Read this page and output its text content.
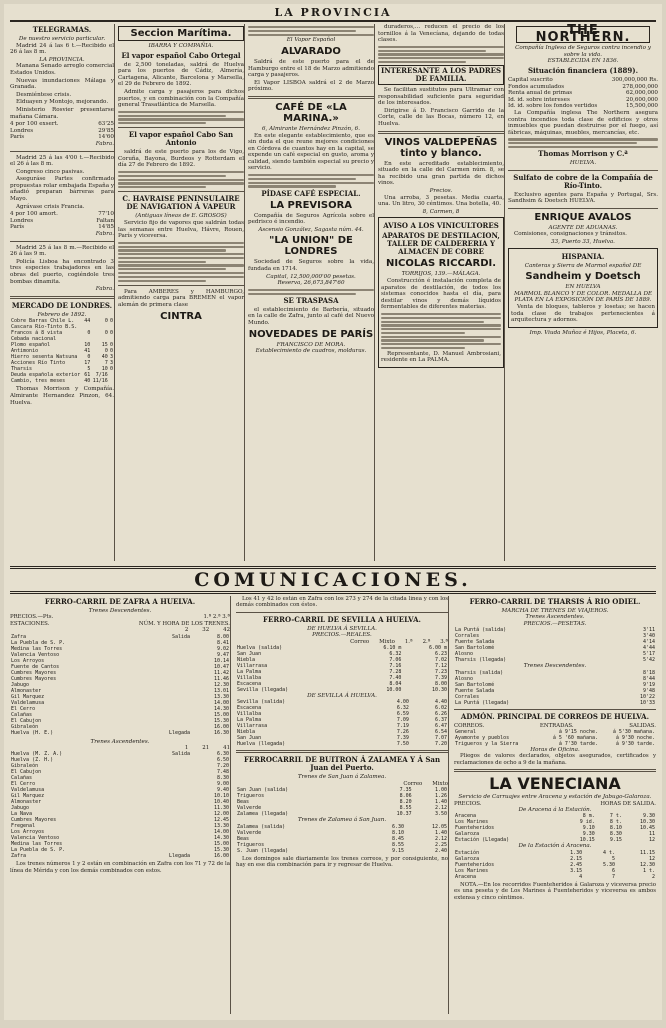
LA PROVINCIA
TELEGRAMAS.
De nuestro servicio particular.
Madrid 24 á las 6 t.—Recibido el 26 á las 8 m.
LA PROVINCIA.
Manana Senado arreglo comercial Estados Unidos.
Nuevas inundaciones Málaga y Granada.
Desmiéntese crisis.
Elduayen y Montojo, mejorando.
Ministerio Rosvier presentarse mañana Cámara.
4 por 100 exsert.	63'25
Londres	29'85
París	14'60
Fabra.
Madrid 25 á las 4'00 t.—Recibido el 26 á las 8 m.
Congreso cinco pasivas.
Aseguráse Partes confirmado propuestas rolar embajada España y añadió preparan bárreras para Mayo.
Agrávase crisis Francia.
4 por 100 amort.	77'10
Londres	Faltan
París	14'85
Fabra.
Madrid 25 á las 8 m.—Recibido el 26 á las 9 m.
Policía Lisboa ha encontrado 3 tres especies trabajadores en las obras del puerto, cogiéndole tres bombas dinamita.
Fabra.
MERCADO DE LONDRES.
Febrero de 1892.
Cobre Barras Chile L.	44	0	0
Cascara Río-Tinto B.S.			
Francos á 8 vista	0	0	0
Cebada nacional			
Plomo español	10	15	0
Antimonio	41	0	0
Hierro sesenta Watsuna	0	40	3
Acciones Río Tinto	17	7	3
Tharsis	5	10	0
Deuda española exterior	61	7/16	
Cambio, tres meses	40	11/16	
Thomas Morrison y Compañía. Almirante Hernandez Pinzon, 64. Huelva.
Seccion Marítima.
IBARRA Y COMPAÑIA.
El vapor español Cabo Ortegal
de 2,500 toneladas, saldrá de Huelva para los puertos de Cádiz, Almería, Cartagena, Alicante, Barcelona y Marsella, el 29 de Febrero de 1892.
Admite carga y pasajeros para dichos puertos, y en combinación con la Compañía general Trasatlántica de Marsella.
El vapor español Cabo San Antonio
saldrá de este puerto para los de Vigo, Coruña, Bayona, Burdeos y Rotterdam el día 27 de Febrero de 1892.
C. HAVRAISE PENINSULAIRE DE NAVIGATION Á VAPEUR
(Antiguas líneas de E. GROSOS)
Servicio fijo de vapores que saldrán todas las semanas entre Huelva, Hávre, Rouen, París y viceversa.
Para AMBERES y HAMBURGO, admitiendo carga para BREMEN el vapor alemán de primera clase
CINTRA
El Vapor Español
ALVARADO
Saldrá de este puerto para el de Hamburgo entre el 18 de Marzo admitiendo carga y pasajeros.
El Vapor LISBOA saldrá el 2 de Marzo próximo.
CAFÉ DE «LA MARINA.»
6, Almirante Hernández Pinzón, 6.
En este elegante establecimiento, que es sin duda el que reune mejores condiciones en Córdova de cuantos hay en la capital, se expende un café especial en gusto, aroma y calidad, siendo también especial su precio y servicio.
PÍDASE CAFÉ ESPECIAL.
LA PREVISORA
Compañía de Seguros Agrícola sobre el pedrisco é incendio.
Ascensio González, Sagasta núm. 44.
"LA UNION" DE LONDRES
Sociedad de Seguros sobre la vida, fundada en 1714.
Capital, 12,500,000'00 pesetas.
Reserva, 26,673,847'60
SE TRASPASA
el establecimiento de Barbería, situado en la calle de Zafra, junto al café del Nuevo Mundo.
NOVEDADES DE PARÍS
FRANCISCO DE MORA.
Establecimiento de cuadros, molduras.
duraderos,... reducen el precio de los tornillos á la Venecíana, dejando de todas clases.
INTERESANTE A LOS PADRES DE FAMILIA.
Se facilitan sustitutos para Ultramar con responsabilidad suficiente para seguridad de los interesados.
Dirigirse á D. Francisco Garrido de la Corte, calle de las Bocas, número 12, en Huelva.
VINOS VALDEPEÑAS tinto y blanco.
En este acreditado establecimiento, situado en la calle del Carmen núm. 8, se ha recibido una gran partida de dichos vinos.
Precios.
Una arroba, 3 pesetas. Media cuarta, una. Un litro, 30 céntimos. Una botella, 40.
8, Carmen, 8
AVISO A LOS VINICULTORES
APARATOS DE DESTILACION, TALLER DE CALDERERIA Y ALMACEN DE COBRE
NICOLAS RICCARDI.
TORRIJOS, 139.—MÁLAGA.
Construcción é instalación completa de aparatos de destilación, de todos los sistemas conocidos hasta el día, para destilar vinos y demás líquidos fermentables de diferentes materias.
Representante, D. Manuel Ambrosiani, residente en La PALMA.
THE NORTHERN.
Compañía Inglesa de Seguros contra incendio y sobre la vida.
ESTABLECIDA EN 1836.
Situación financiera (1889).
Capital suscrito	300,000,000 Rs.
Fondos acumulados	278,000,000
Renta anual de primas	62,000,000
Id. id. sobre intereses	20,600,000
Id. id. sobre los fondos vertidos	15,500,000
La Compañía inglesa The Northern asegura contra incendios toda clase de edificios y otros inmuebles que puedan destruirse por el fuego, así fábricas, máquinas, muebles, mercancías, etc.
Thomas Morrison y C.ª
HUELVA.
Sulfato de cobre de la Compañía de Río-Tinto.
Exclusivo agentes para España y Portugal, Srs. Sandhsim & Doetsch HUELVA.
ENRIQUE AVALOS
AGENTE DE ADUANAS.
Comisiones, consignaciones y tránsitos.
33, Puerto 33, Huelva.
HISPANIA.
Canteras y Sierra de Marmol español DE
Sandheim y Doetsch
EN HUELVA
MARMOL BLANCO Y DE COLOR. MEDALLA DE PLATA EN LA EXPOSICIÓN DE PARÍS DE 1889.
Venta de bloques, tableros y losetas; se hacen toda clase de trabajos pertenecientes á arquitectura y adornos.
Imp. Viuda Muñoz é Hijos, Placeta, 6.
COMUNICACIONES.
FERRO-CARRIL DE ZAFRA A HUELVA.
Trenes Descendentes.
PRECIOS.—Pts.	1.ª 2.ª 3.ª
ESTACIONES.	NÚM. Y HORA DE LOS TRENES.
2	32	42
Zafra	Salida	8.00
La Puebla de S. P.		8.41
Medina las Torres		9.02
Valencia Ventoso		9.47
Los Arroyos		10.14
Fuente de Cantos		10.47
Cumbres Mayores		11.42
Cumbres Mayores		11.46
Jabugo		12.30
Almonaster		13.01
Gil Marquez		13.30
Valdelamusa		14.00
El Cerro		14.30
Calañas		15.00
El Cabujon		15.30
Gibraleón		16.00
Huelva (H. E.)	Llegada	16.30
Trenes Ascendentes.
1	21	41
Huelva (M. Z. A.)	Salida	6.30
Huelva (Z. H.)		6.50
Gibraleón		7.20
El Cabujon		7.48
Calañas		8.30
El Cerro		9.00
Valdelamusa		9.40
Gil Marquez		10.10
Almonaster		10.40
Jabugo		11.30
La Nava		12.00
Cumbres Mayores		12.45
Fregenal		13.30
Los Arroyos		14.00
Valencia Ventoso		14.30
Medina las Torres		15.00
La Puebla de S. P.		15.30
Zafra	Llegada	16.00
Los trenes números 1 y 2 están en combinación en Zafra con los 71 y 72 de la línea de Mérida y con los demás combinados con estos.
Los 41 y 42 lo están en Zafra con los 273 y 274 de la citada línea y con los demás combinados con éstos.
FERRO-CARRIL DE SEVILLA A HUELVA.
DE HUELVA Á SEVILLA.
PRECIOS.—REALES.
Correo Mixto 1.ª 2.ª 3.ª
Huelva (salida)	6.10 m	6.00 m
San Juan	6.32	6.23
Niebla	7.06	7.02
Villarrasa	7.16	7.12
La Palma	7.28	7.23
Villalba	7.40	7.39
Escacena	8.04	8.00
Sevilla (llegada)	10.00	10.30
DE SEVILLA Á HUELVA.
Sevilla (salida)	4.00	4.40
Escacena	6.32	6.02
Villalba	6.59	6.26
La Palma	7.09	6.37
Villarrasa	7.19	6.47
Niebla	7.26	6.54
San Juan	7.39	7.07
Huelva (llegada)	7.50	7.20
FERROCARRIL DE BUITRON Á ZALAMEA Y Á San Juan del Puerto.
Trenes de San Juan á Zalamea.
Correo Mixto
San Juan (salida)	7.35	1.00
Trigueros	8.06	1.26
Beas	8.20	1.40
Valverde	8.55	2.12
Zalamea (llegada)	10.37	3.50
Trenes de Zalamea á San Juan.
Zalamea (salida)	6.30	12.05
Valverde	8.10	1.40
Beas	8.45	2.12
Trigueros	8.55	2.25
S. Juan (llegada)	9.15	2.40
Los domingos sale diariamente los trenes correos, y por consiguiente, no hay en ese día combinación para ir y regresar de Huelva.
FERRO-CARRIL DE THARSIS Á RIO ODIEL.
MARCHA DE TRENES DE VIAJEROS.
Trenes Ascendentes.
PRECIOS.—PESETAS.
La Puntá (salida)		3'11
Corrales		3'40
Fuente Salada		4'14
San Bartolomé		4'44
Alosno		5'17
Tharsis (llegada)		5'42
Trenes Descendentes.
Tharsis (salida)		8'18
Alosno		8'44
San Bartolomé		9'19
Fuente Salada		9'48
Corrales		10'22
La Puntá (llegada)		10'33
ADMÓN. PRINCIPAL DE CORREOS DE HUELVA.
CORREOS.	ENTRADAS.	SALIDAS.
General	á 9'15 noche.	á 5'30 mañana.
Ayamonte y pueblos	á 5 '60 mañana.	á 9'30 noche.
Trigueros y la Sierra	á 7'30 tarde.	á 9'30 tarde.
Horas de Oficina.
Pliegos de valores declarados, objetos asegurados, certificados y reclamaciones de ocho a 9 de la mañana.
LA VENECIANA
Servicio de Carruajes entre Aracena y estación de Jabugo-Galaroza.
PRECIOS.	HORAS DE SALIDA.
De Aracena á la Estación.
Aracena	8 m.	7 t.	9.30
Los Marines	9 id.	8 t.	10.30
Fuenteheridos	9.10	8.10	10.45
Galaroza	9.30	8.30	11
Estación (Llegada)	10.15	9.15	12
De la Estación á Aracena.
Estación	1.30	4 t.	11.15
Galaroza	2.15	5	12
Fuenteheridos	2.45	5.30	12.30
Los Marines	3.15	6	1 t.
Aracena	4	7	2
NOTA.—En los recorridos Fuenteheridos á Galaroza y viceversa precio es una peseta y de Los Marines á Fuenteheridos y viceversa es ambos extensa y cinco céntimos.
